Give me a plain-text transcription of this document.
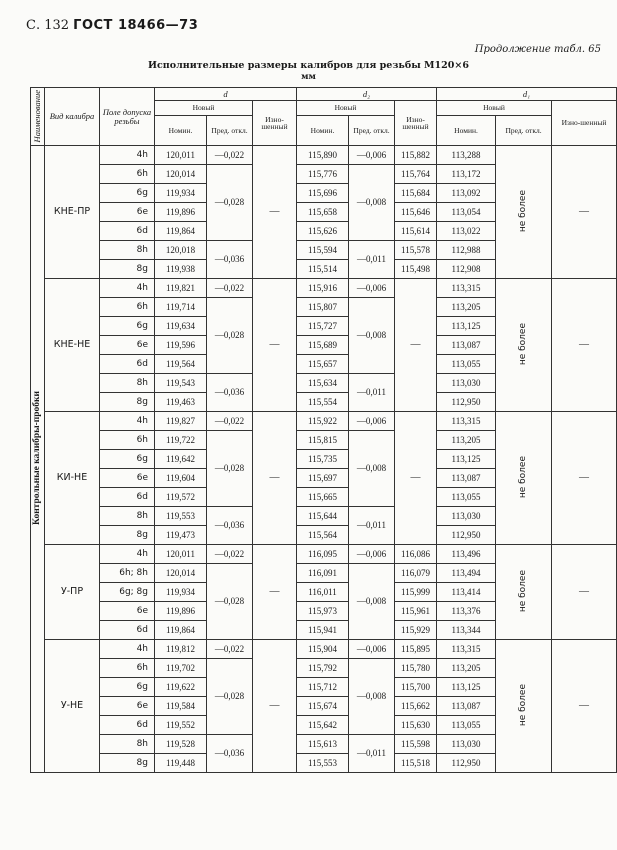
С. 132 ГОСТ 18466—73
Продолжение табл. 65
Исполнительные размеры калибров для резьбы M120×6
мм
Наименование	Вид калибра	Поле допуска резьбы	d			d₂			d₁		
			Новый		Изно-шенный	Новый		Изно-шенный	Новый		Изно-шенный
			Номин.	Пред. откл.		Номин.	Пред. откл.		Номин.	Пред. откл.	
Контрольные калибры-пробки	КНЕ-ПР	4h	120,011	—0,022	—	115,890	—0,006	115,882	113,288	не более	—
		6h	120,014	—0,028		115,776	—0,008	115,764	113,172		
		6g	119,934			115,696		115,684	113,092		
		6e	119,896			115,658		115,646	113,054		
		6d	119,864			115,626		115,614	113,022		
		8h	120,018	—0,036		115,594	—0,011	115,578	112,988		
		8g	119,938			115,514		115,498	112,908		
	КНЕ-НЕ	4h	119,821	—0,022	—	115,916	—0,006	—	113,315	не более	—
		6h	119,714	—0,028		115,807	—0,008		113,205		
		6g	119,634			115,727			113,125		
		6e	119,596			115,689			113,087		
		6d	119,564			115,657			113,055		
		8h	119,543	—0,036		115,634	—0,011		113,030		
		8g	119,463			115,554			112,950		
	КИ-НЕ	4h	119,827	—0,022	—	115,922	—0,006	—	113,315	не более	—
		6h	119,722	—0,028		115,815	—0,008		113,205		
		6g	119,642			115,735			113,125		
		6e	119,604			115,697			113,087		
		6d	119,572			115,665			113,055		
		8h	119,553	—0,036		115,644	—0,011		113,030		
		8g	119,473			115,564			112,950		
	У-ПР	4h	120,011	—0,022	—	116,095	—0,006	116,086	113,496	не более	—
		6h; 8h	120,014	—0,028		116,091	—0,008	116,079	113,494		
		6g; 8g	119,934			116,011		115,999	113,414		
		6e	119,896			115,973		115,961	113,376		
		6d	119,864			115,941		115,929	113,344		
	У-НЕ	4h	119,812	—0,022	—	115,904	—0,006	115,895	113,315	не более	—
		6h	119,702	—0,028		115,792	—0,008	115,780	113,205		
		6g	119,622			115,712		115,700	113,125		
		6e	119,584			115,674		115,662	113,087		
		6d	119,552			115,642		115,630	113,055		
		8h	119,528	—0,036		115,613	—0,011	115,598	113,030		
		8g	119,448			115,553		115,518	112,950		
